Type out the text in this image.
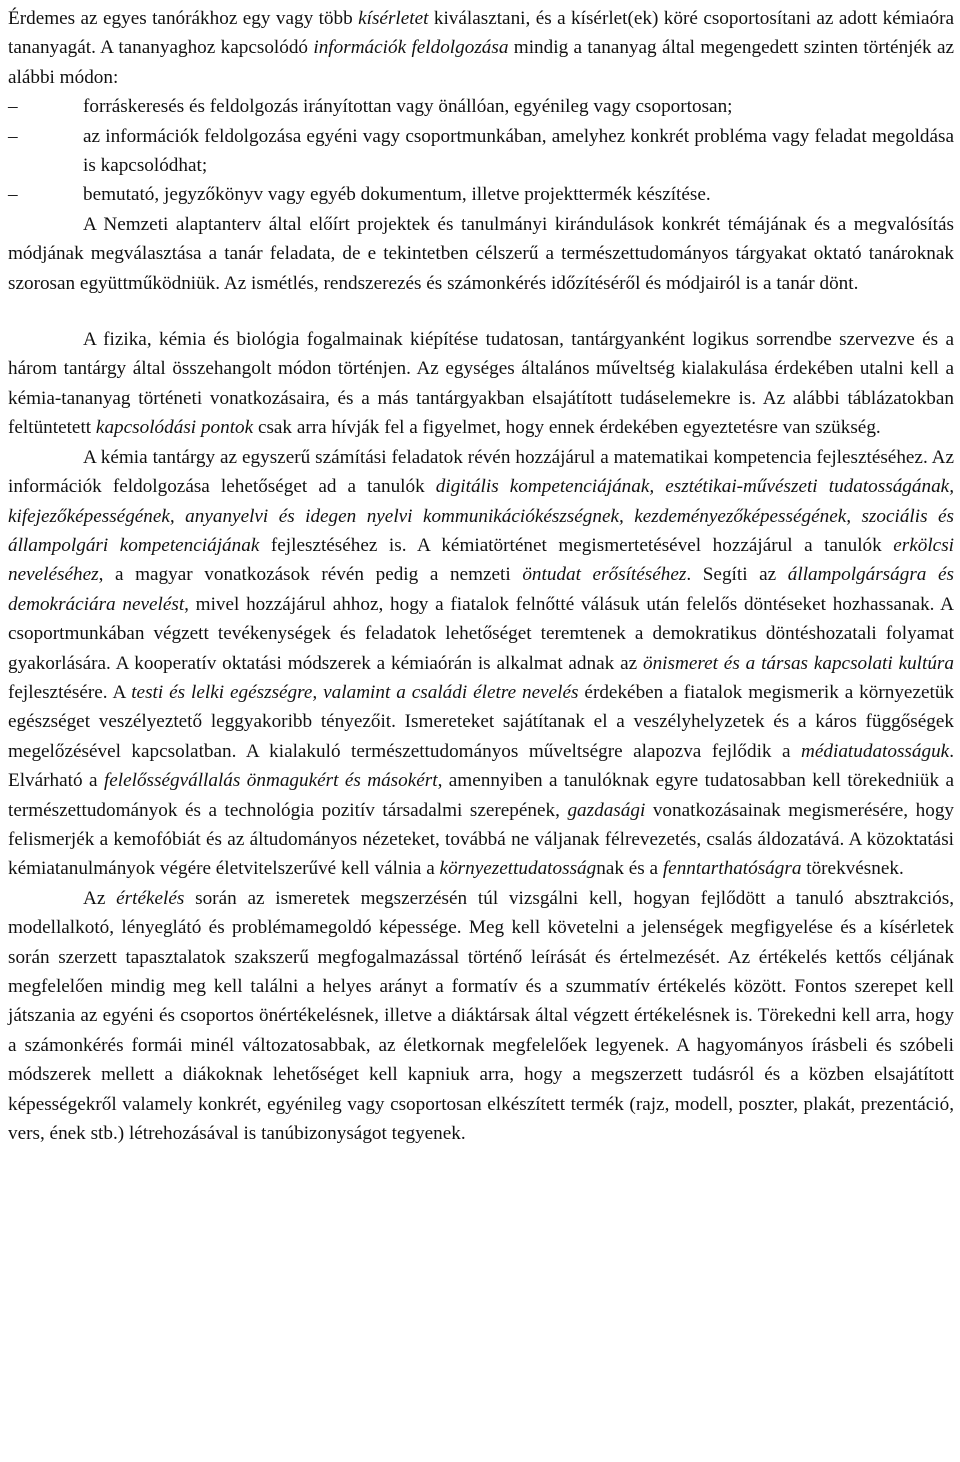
Érdemes az egyes tanórákhoz egy vagy több kísérletet kiválasztani, és a kísérlet(ek) köré csoportosítani az adott kémiaóra tananyagát. A tananyaghoz kapcsolódó információk feldolgozása mindig a tananyag által megengedett szinten történjék az alábbi módon:

–	forráskeresés és feldolgozás irányítottan vagy önállóan, egyénileg vagy csoportosan;
–	az információk feldolgozása egyéni vagy csoportmunkában, amelyhez konkrét probléma vagy feladat megoldása is kapcsolódhat;
–	bemutató, jegyzőkönyv vagy egyéb dokumentum, illetve projekttermék készítése.

A Nemzeti alaptanterv által előírt projektek és tanulmányi kirándulások konkrét témájának és a megvalósítás módjának megválasztása a tanár feladata, de e tekintetben célszerű a természettudományos tárgyakat oktató tanároknak szorosan együttműködniük. Az ismétlés, rendszerezés és számonkérés időzítéséről és módjairól is a tanár dönt.

A fizika, kémia és biológia fogalmainak kiépítése tudatosan, tantárgyanként logikus sorrendbe szervezve és a három tantárgy által összehangolt módon történjen. Az egységes általános műveltség kialakulása érdekében utalni kell a kémia-tananyag történeti vonatkozásaira, és a más tantárgyakban elsajátított tudáselemekre is. Az alábbi táblázatokban feltüntetett kapcsolódási pontok csak arra hívják fel a figyelmet, hogy ennek érdekében egyeztetésre van szükség.

A kémia tantárgy az egyszerű számítási feladatok révén hozzájárul a matematikai kompetencia fejlesztéséhez. Az információk feldolgozása lehetőséget ad a tanulók digitális kompetenciájának, esztétikai-művészeti tudatosságának, kifejezőképességének, anyanyelvi és idegen nyelvi kommunikációkészségnek, kezdeményezőképességének, szociális és állampolgári kompetenciájának fejlesztéséhez is. A kémiatörténet megismertetésével hozzájárul a tanulók erkölcsi neveléséhez, a magyar vonatkozások révén pedig a nemzeti öntudat erősítéséhez. Segíti az állampolgárságra és demokráciára nevelést, mivel hozzájárul ahhoz, hogy a fiatalok felnőtté válásuk után felelős döntéseket hozhassanak. A csoportmunkában végzett tevékenységek és feladatok lehetőséget teremtenek a demokratikus döntéshozatali folyamat gyakorlására. A kooperatív oktatási módszerek a kémiaórán is alkalmat adnak az önismeret és a társas kapcsolati kultúra fejlesztésére. A testi és lelki egészségre, valamint a családi életre nevelés érdekében a fiatalok megismerik a környezetük egészséget veszélyeztető leggyakoribb tényezőit. Ismereteket sajátítanak el a veszélyhelyzetek és a káros függőségek megelőzésével kapcsolatban. A kialakuló természettudományos műveltségre alapozva fejlődik a médiatudatosságuk. Elvárható a felelősségvállalás önmagukért és másokért, amennyiben a tanulóknak egyre tudatosabban kell törekedniük a természettudományok és a technológia pozitív társadalmi szerepének, gazdasági vonatkozásainak megismerésére, hogy felismerjék a kemofóbiát és az áltudományos nézeteket, továbbá ne váljanak félrevezetés, csalás áldozatává. A közoktatási kémiatanulmányok végére életvitelszerűvé kell válnia a környezettudatosságnak és a fenntarthatóságra törekvésnek.

Az értékelés során az ismeretek megszerzésén túl vizsgálni kell, hogyan fejlődött a tanuló absztrakciós, modellalkotó, lényeglátó és problémamegoldó képessége. Meg kell követelni a jelenségek megfigyelése és a kísérletek során szerzett tapasztalatok szakszerű megfogalmazással történő leírását és értelmezését. Az értékelés kettős céljának megfelelően mindig meg kell találni a helyes arányt a formatív és a szummatív értékelés között. Fontos szerepet kell játszania az egyéni és csoportos önértékelésnek, illetve a diáktársak által végzett értékelésnek is. Törekedni kell arra, hogy a számonkérés formái minél változatosabbak, az életkornak megfelelőek legyenek. A hagyományos írásbeli és szóbeli módszerek mellett a diákoknak lehetőséget kell kapniuk arra, hogy a megszerzett tudásról és a közben elsajátított képességekről valamely konkrét, egyénileg vagy csoportosan elkészített termék (rajz, modell, poszter, plakát, prezentáció, vers, ének stb.) létrehozásával is tanúbizonyságot tegyenek.
